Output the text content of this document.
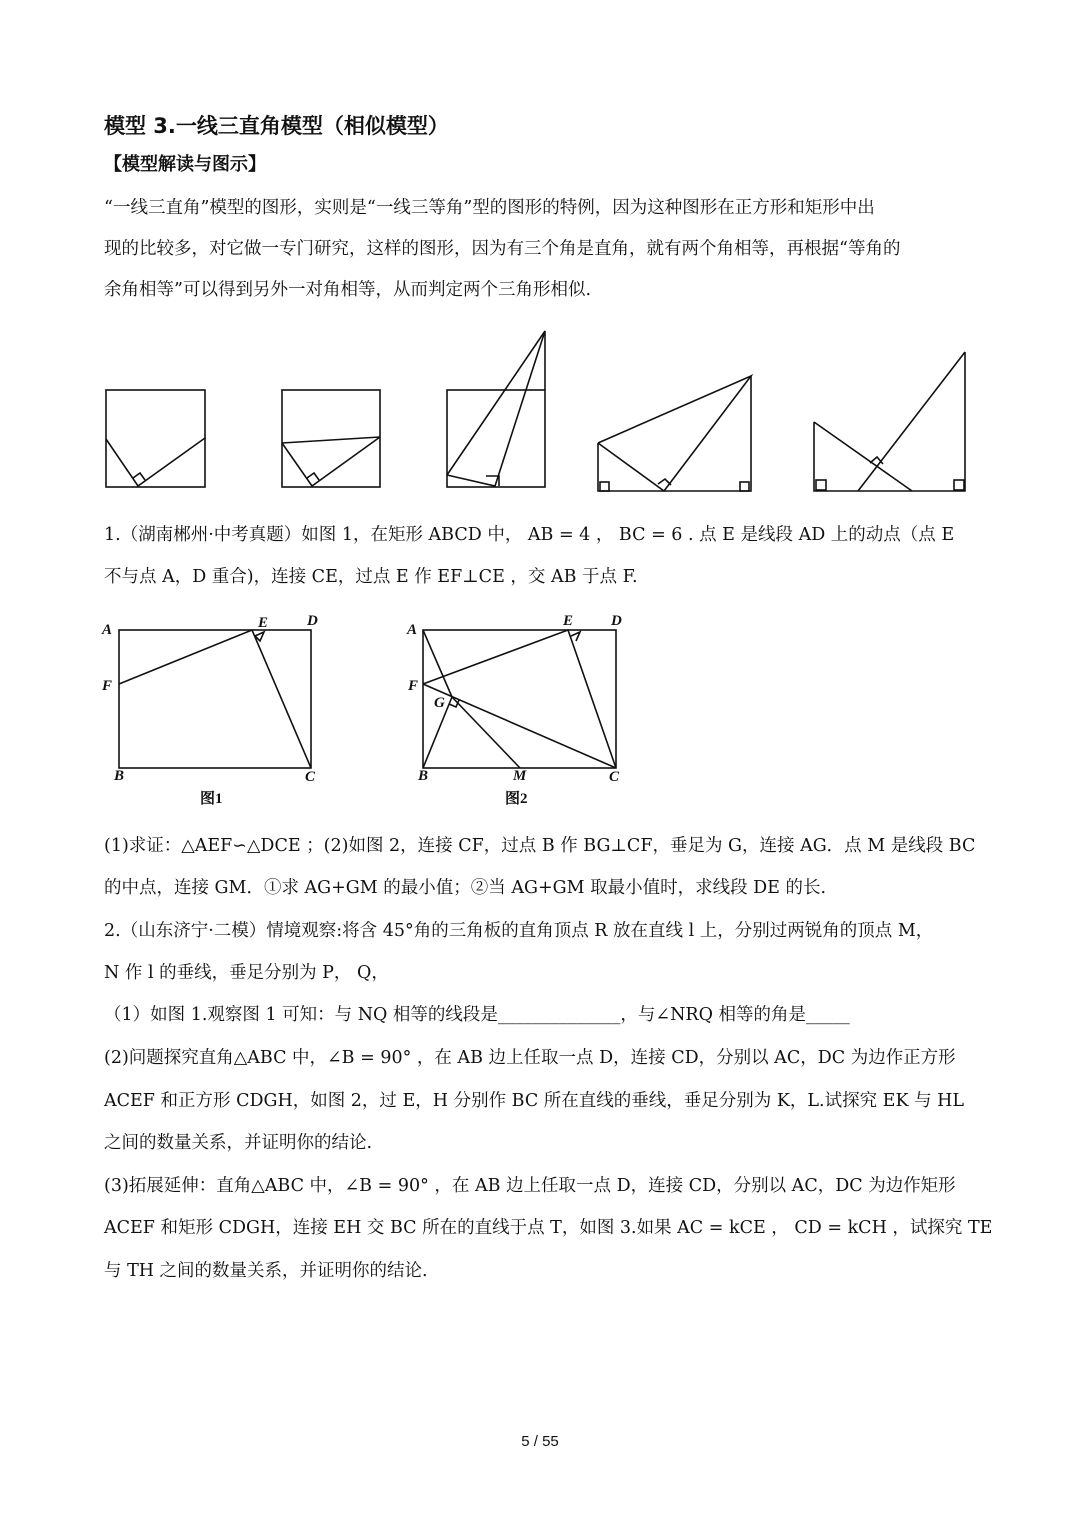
模型 3.一线三直角模型（相似模型）
【模型解读与图示】
“一线三直角”模型的图形，实则是“一线三等角”型的图形的特例，因为这种图形在正方形和矩形中出
现的比较多，对它做一专门研究，这样的图形，因为有三个角是直角，就有两个角相等，再根据“等角的
余角相等”可以得到另外一对角相等，从而判定两个三角形相似.
1.（湖南郴州·中考真题）如图 1，在矩形 ABCD 中， AB = 4 ， BC = 6 . 点 E 是线段 AD 上的动点（点 E
不与点 A，D 重合)，连接 CE，过点 E 作 EF⊥CE ，交 AB 于点 F.
A	E	D
F
B	C
图1
A
E	D
F
G
B	M	C
图2
(1)求证：△AEF∽△DCE ；(2)如图 2，连接 CF，过点 B 作 BG⊥CF，垂足为 G，连接 AG．点 M 是线段 BC
的中点，连接 GM．①求 AG+GM 的最小值；②当 AG+GM 取最小值时，求线段 DE 的长.
2.（山东济宁·二模）情境观察:将含 45°角的三角板的直角顶点 R 放在直线 l 上，分别过两锐角的顶点 M，
N 作 l 的垂线，垂足分别为 P， Q，
（1）如图 1.观察图 1 可知：与 NQ 相等的线段是______________，与∠NRQ 相等的角是_____
(2)问题探究直角△ABC 中，∠B = 90° ，在 AB 边上任取一点 D，连接 CD，分别以 AC，DC 为边作正方形
ACEF 和正方形 CDGH，如图 2，过 E，H 分别作 BC 所在直线的垂线，垂足分别为 K，L.试探究 EK 与 HL
之间的数量关系，并证明你的结论.
(3)拓展延伸：直角△ABC 中，∠B = 90° ，在 AB 边上任取一点 D，连接 CD，分别以 AC，DC 为边作矩形
ACEF 和矩形 CDGH，连接 EH 交 BC 所在的直线于点 T，如图 3.如果 AC = kCE ， CD = kCH ，试探究 TE
与 TH 之间的数量关系，并证明你的结论.
5 / 55
